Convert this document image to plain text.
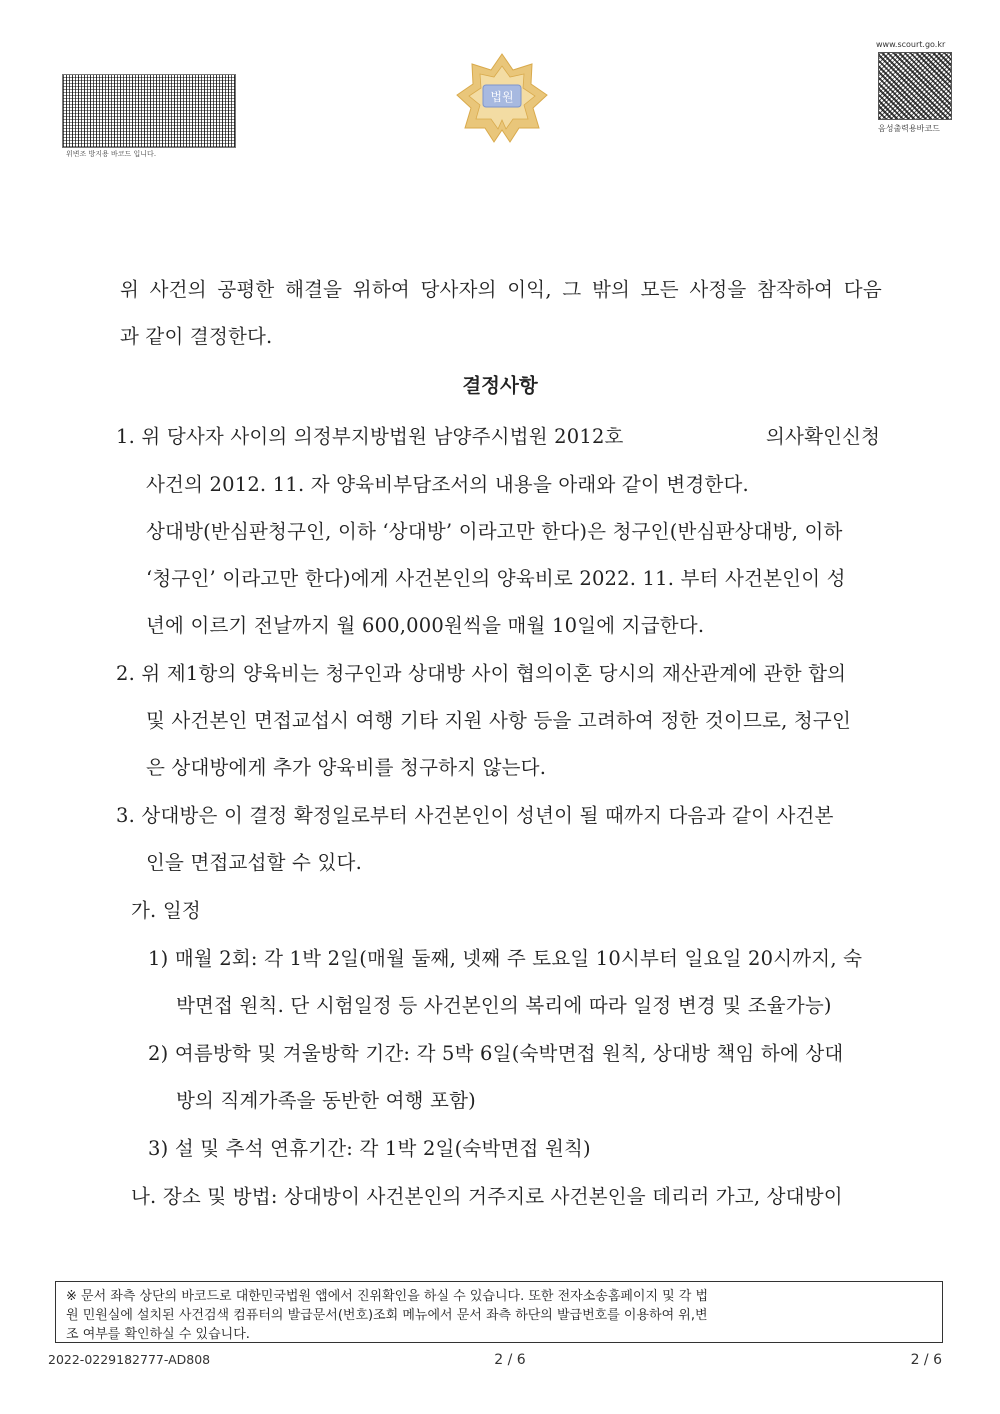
위변조 방지용 바코드 입니다.
법원
www.scourt.go.kr
음성출력용바코드
위 사건의 공평한 해결을 위하여 당사자의 이익, 그 밖의 모든 사정을 참작하여 다음
과 같이 결정한다.
결정사항
1. 위 당사자 사이의 의정부지방법원 남양주시법원 2012호	의사확인신청
사건의 2012. 11. 자 양육비부담조서의 내용을 아래와 같이 변경한다.
상대방(반심판청구인, 이하 ‘상대방’ 이라고만 한다)은 청구인(반심판상대방, 이하
‘청구인’ 이라고만 한다)에게 사건본인의 양육비로 2022. 11. 부터 사건본인이 성
년에 이르기 전날까지 월 600,000원씩을 매월 10일에 지급한다.
2. 위 제1항의 양육비는 청구인과 상대방 사이 협의이혼 당시의 재산관계에 관한 합의
및 사건본인 면접교섭시 여행 기타 지원 사항 등을 고려하여 정한 것이므로, 청구인
은 상대방에게 추가 양육비를 청구하지 않는다.
3. 상대방은 이 결정 확정일로부터 사건본인이 성년이 될 때까지 다음과 같이 사건본
인을 면접교섭할 수 있다.
가. 일정
1) 매월 2회: 각 1박 2일(매월 둘째, 넷째 주 토요일 10시부터 일요일 20시까지, 숙
박면접 원칙. 단 시험일정 등 사건본인의 복리에 따라 일정 변경 및 조율가능)
2) 여름방학 및 겨울방학 기간: 각 5박 6일(숙박면접 원칙, 상대방 책임 하에 상대
방의 직계가족을 동반한 여행 포함)
3) 설 및 추석 연휴기간: 각 1박 2일(숙박면접 원칙)
나. 장소 및 방법: 상대방이 사건본인의 거주지로 사건본인을 데리러 가고, 상대방이
※ 문서 좌측 상단의 바코드로 대한민국법원 앱에서 진위확인을 하실 수 있습니다. 또한 전자소송홈페이지 및 각 법
원 민원실에 설치된 사건검색 컴퓨터의 발급문서(번호)조회 메뉴에서 문서 좌측 하단의 발급번호를 이용하여 위,변
조 여부를 확인하실 수 있습니다.
2022-0229182777-AD808	2 / 6	2 / 6
